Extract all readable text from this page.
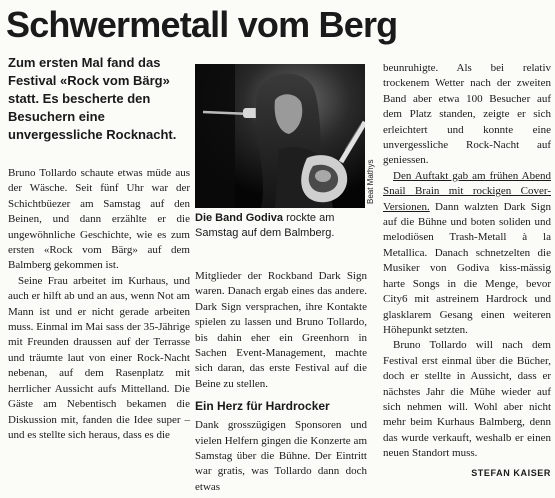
Schwermetall vom Berg
Zum ersten Mal fand das Festival «Rock vom Bärg» statt. Es bescherte den Besuchern eine unvergessliche Rocknacht.

Bruno Tollardo schaute etwas müde aus der Wäsche. Seit fünf Uhr war der Schichtbüezer am Samstag auf den Beinen, und dann erzählte er die ungewöhnliche Geschichte, wie es zum ersten «Rock vom Bärg» auf dem Balmberg gekommen ist.

Seine Frau arbeitet im Kurhaus, und auch er hilft ab und an aus, wenn Not am Mann ist und er nicht gerade arbeiten muss. Einmal im Mai sass der 35-Jährige mit Freunden draussen auf der Terrasse und träumte laut von einer Rock-Nacht nebenan, auf dem Rasenplatz mit herrlicher Aussicht aufs Mittelland. Die Gäste am Nebentisch bekamen die Diskussion mit, fanden die Idee super – und es stellte sich heraus, dass es die

Beat Mathys
Die Band Godiva rockte am Samstag auf dem Balmberg.

Mitglieder der Rockband Dark Sign waren. Danach ergab eines das andere. Dark Sign versprachen, ihre Kontakte spielen zu lassen und Bruno Tollardo, bis dahin eher ein Greenhorn in Sachen Event-Management, machte sich daran, das erste Festival auf die Beine zu stellen.

Ein Herz für Hardrocker

Dank grosszügigen Sponsoren und vielen Helfern gingen die Konzerte am Samstag über die Bühne. Der Eintritt war gratis, was Tollardo dann doch etwas

beunruhigte. Als bei relativ trockenem Wetter nach der zweiten Band aber etwa 100 Besucher auf dem Platz standen, zeigte er sich erleichtert und konnte eine unvergessliche Rock-Nacht auf geniessen.

Den Auftakt gab am frühen Abend Snail Brain mit rockigen Cover-Versionen. Dann walzten Dark Sign auf die Bühne und boten soliden und melodiösen Trash-Metall à la Metallica. Danach schnetzelten die Musiker von Godiva kiss-mässig harte Songs in die Menge, bevor City6 mit astreinem Hardrock und glasklarem Gesang einen weiteren Höhepunkt setzten.

Bruno Tollardo will nach dem Festival erst einmal über die Bücher, doch er stellte in Aussicht, dass er nächstes Jahr die Mühe wieder auf sich nehmen will. Wohl aber nicht mehr beim Kurhaus Balmberg, denn das wurde verkauft, weshalb er einen neuen Standort muss.

STEFAN KAISER
